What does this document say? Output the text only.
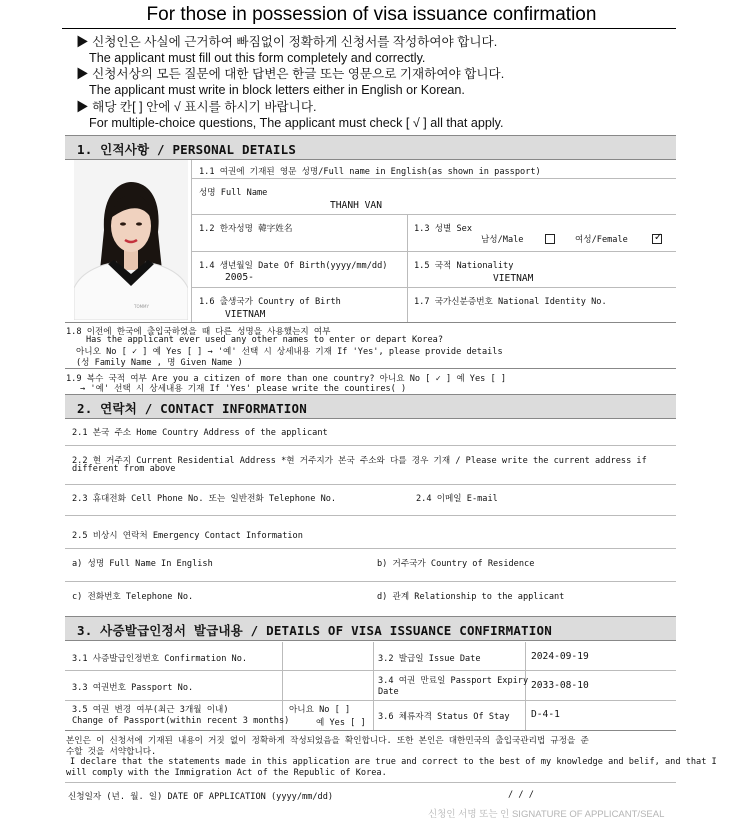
For those in possession of visa issuance confirmation
▶ 신청인은 사실에 근거하여 빠짐없이 정확하게 신청서를 작성하여야 합니다.
The applicant must fill out this form completely and correctly.
▶ 신청서상의 모든 질문에 대한 답변은 한글 또는 영문으로 기재하여야 합니다.
The applicant must write in block letters either in English or Korean.
▶ 해당 칸[ ] 안에 √ 표시를 하시기 바랍니다.
For multiple-choice questions, The applicant must check [ √ ] all that apply.
1. 인적사항 / PERSONAL DETAILS
TOMMY
1.1 여권에 기재된 영문 성명/Full name in English(as shown in passport)
성명 Full Name
THANH VAN
1.2 한자성명 韓字姓名	1.3 성별 Sex
남성/Male	여성/Female	✓
1.4 생년월일 Date Of Birth(yyyy/mm/dd)
2005-
1.5 국적 Nationality
VIETNAM
1.6 출생국가 Country of Birth
VIETNAM
1.7 국가신분증번호 National Identity No.
1.8 이전에 한국에 출입국하였을 때 다른 성명을 사용했는지 여부
Has the applicant ever used any other names to enter or depart Korea?
아니오 No [ ✓ ] 예 Yes [ ] → '예' 선택 시 상세내용 기재 If 'Yes', please provide details
(성 Family Name , 명 Given Name )
1.9 복수 국적 여부 Are you a citizen of more than one country? 아니요 No [ ✓ ] 예 Yes [ ]
→ '예' 선택 시 상세내용 기재 If 'Yes' please write the countires( )
2. 연락처 / CONTACT INFORMATION
2.1 본국 주소 Home Country Address of the applicant
2.2 현 거주지 Current Residential Address *현 거주지가 본국 주소와 다를 경우 기재 / Please write the current address if
different from above
2.3 휴대전화 Cell Phone No. 또는 일반전화 Telephone No.	2.4 이메일 E-mail
2.5 비상시 연락처 Emergency Contact Information
a) 성명 Full Name In English	b) 거주국가 Country of Residence
c) 전화번호 Telephone No.	d) 관계 Relationship to the applicant
3. 사증발급인정서 발급내용 / DETAILS OF VISA ISSUANCE CONFIRMATION
3.1 사증발급인정번호 Confirmation No.	3.2 발급일 Issue Date	2024-09-19
3.3 여권번호 Passport No.
3.4 여권 만료일 Passport Expiry
Date
2033-08-10
3.5 여권 변경 여부(최근 3개월 이내)
Change of Passport(within recent 3 months)
아니요 No [ ]
예 Yes [ ]
3.6 체류자격 Status Of Stay D-4-1
본인은 이 신청서에 기재된 내용이 거짓 없이 정확하게 작성되었음을 확인합니다. 또한 본인은 대한민국의 출입국관리법 규정을 준
수할 것을 서약합니다.
I declare that the statements made in this application are true and correct to the best of my knowledge and belif, and that I
will comply with the Immigration Act of the Republic of Korea.
신청일자 (년. 월. 일) DATE OF APPLICATION (yyyy/mm/dd)	/ / /
신청인 서명 또는 인 SIGNATURE OF APPLICANT/SEAL
